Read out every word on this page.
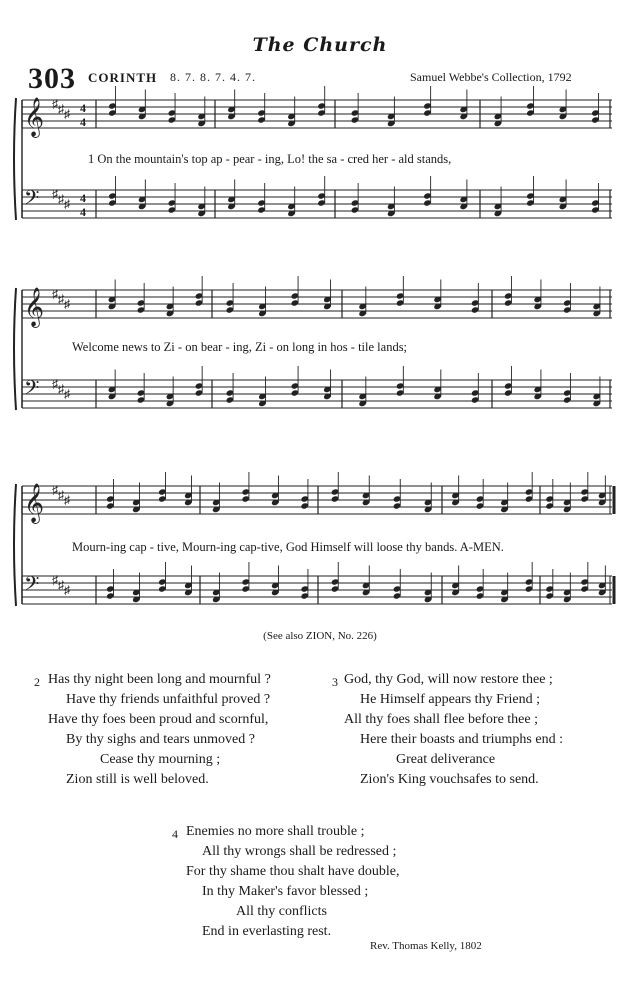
The Church
303 CORINTH 8. 7. 8. 7. 4. 7.	Samuel Webbe's Collection, 1792
𝄞 ♯ ♯ ♯ 4
4
𝄢 ♯ ♯ ♯ 4
4
1 On the mountain's top ap - pear - ing, Lo! the sa - cred her - ald stands,
𝄞 ♯ ♯ ♯
𝄢 ♯ ♯ ♯
Welcome news to Zi - on bear - ing, Zi - on long in hos - tile lands;
𝄞 ♯ ♯ ♯
𝄢 ♯ ♯ ♯
Mourn-ing cap - tive, Mourn-ing cap-tive, God Himself will loose thy bands. A-MEN.
(See also ZION, No. 226)
2 Has thy night been long and mournful ?
Have thy friends unfaithful proved ?
Have thy foes been proud and scornful,
By thy sighs and tears unmoved ?
Cease thy mourning ;
Zion still is well beloved.
3 God, thy God, will now restore thee ;
He Himself appears thy Friend ;
All thy foes shall flee before thee ;
Here their boasts and triumphs end :
Great deliverance
Zion's King vouchsafes to send.
4 Enemies no more shall trouble ;
All thy wrongs shall be redressed ;
For thy shame thou shalt have double,
In thy Maker's favor blessed ;
All thy conflicts
End in everlasting rest.
Rev. Thomas Kelly, 1802
